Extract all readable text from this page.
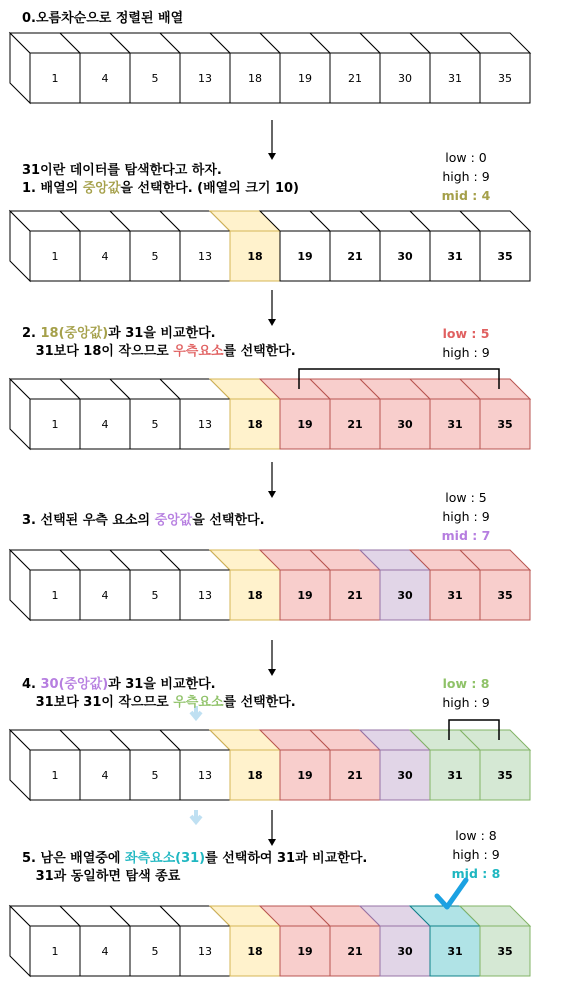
0.오름차순으로 정렬된 배열
1	4	5	13	18	19	21	30	31	35
1	4	5	13	18	19	21	30	31	35
1	4	5	13	18	19	21	30	31	35
1	4	5	13	18	19	21	30	31	35
1	4	5	13	18	19	21	30	31	35
1	4	5	13	18	19	21	30	31	35
31이란 데이터를 탐색한다고 하자.
1. 배열의 중앙값을 선택한다. (배열의 크기 10)
low : 0
high : 9
mid : 4
2. 18(중앙값)과 31을 비교한다.
31보다 18이 작으므로 우측요소를 선택한다.
low : 5
high : 9
3. 선택된 우측 요소의 중앙값을 선택한다.
low : 5
high : 9
mid : 7
4. 30(중앙값)과 31을 비교한다.
31보다 31이 작으므로 우측요소를 선택한다.
low : 8
high : 9
5. 남은 배열중에 좌측요소(31)를 선택하여 31과 비교한다.
31과 동일하면 탐색 종료
low : 8
high : 9
mid : 8
